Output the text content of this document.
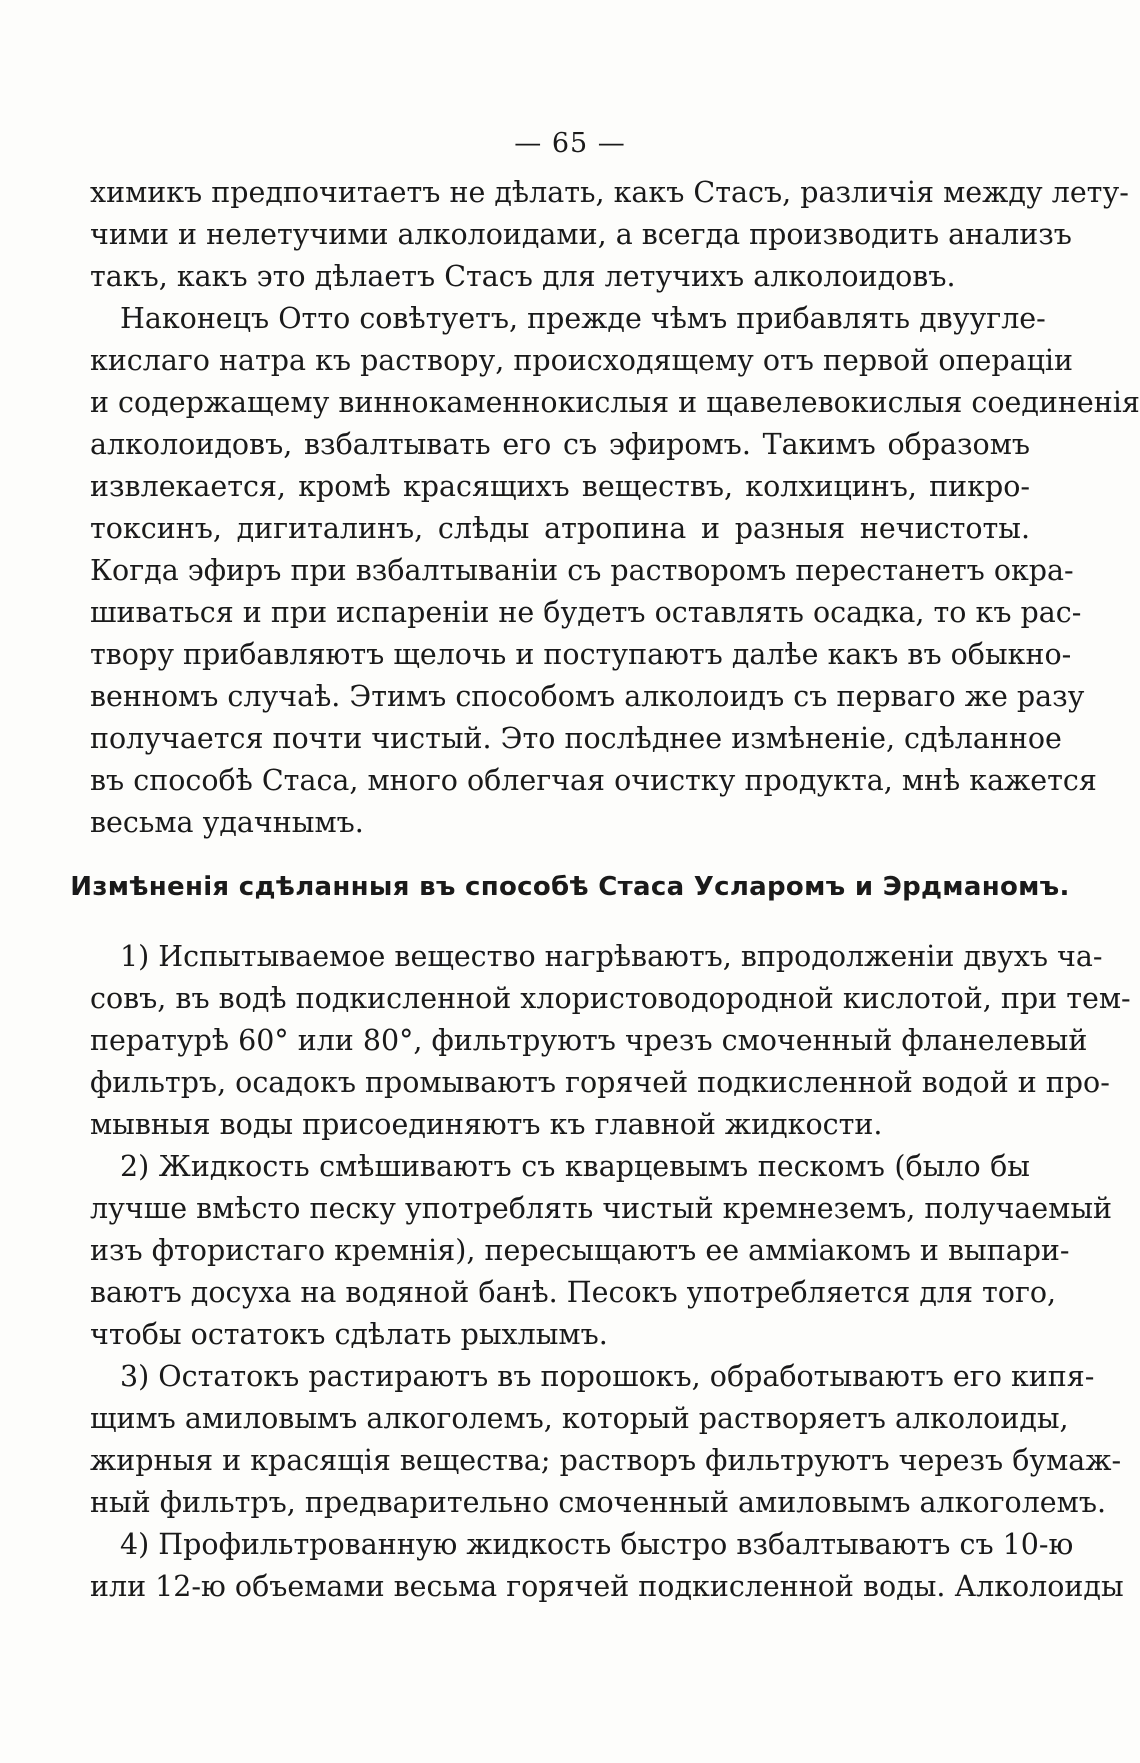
— 65 —
химикъ предпочитаетъ не дѣлать, какъ Стасъ, различія между лету-
чими и нелетучими алколоидами, а всегда производить анализъ
такъ, какъ это дѣлаетъ Стасъ для летучихъ алколоидовъ.
Наконецъ Отто совѣтуетъ, прежде чѣмъ прибавлять двуугле-
кислаго натра къ раствору, происходящему отъ первой операціи
и содержащему виннокаменнокислыя и щавелевокислыя соединенія
алколоидовъ, взбалтывать его съ эфиромъ. Такимъ образомъ
извлекается, кромѣ красящихъ веществъ, колхицинъ, пикро-
токсинъ, дигиталинъ, слѣды атропина и разныя нечистоты.
Когда эфиръ при взбалтываніи съ растворомъ перестанетъ окра-
шиваться и при испареніи не будетъ оставлять осадка, то къ рас-
твору прибавляютъ щелочь и поступаютъ далѣе какъ въ обыкно-
венномъ случаѣ. Этимъ способомъ алколоидъ съ перваго же разу
получается почти чистый. Это послѣднее измѣненіе, сдѣланное
въ способѣ Стаса, много облегчая очистку продукта, мнѣ кажется
весьма удачнымъ.
Измѣненія сдѣланныя въ способѣ Стаса Усларомъ и Эрдманомъ.
1) Испытываемое вещество нагрѣваютъ, впродолженіи двухъ ча-
совъ, въ водѣ подкисленной хлористоводородной кислотой, при тем-
пературѣ 60° или 80°, фильтруютъ чрезъ смоченный фланелевый
фильтръ, осадокъ промываютъ горячей подкисленной водой и про-
мывныя воды присоединяютъ къ главной жидкости.
2) Жидкость смѣшиваютъ съ кварцевымъ пескомъ (было бы
лучше вмѣсто песку употреблять чистый кремнеземъ, получаемый
изъ фтористаго кремнія), пересыщаютъ ее амміакомъ и выпари-
ваютъ досуха на водяной банѣ. Песокъ употребляется для того,
чтобы остатокъ сдѣлать рыхлымъ.
3) Остатокъ растираютъ въ порошокъ, обработываютъ его кипя-
щимъ амиловымъ алкоголемъ, который растворяетъ алколоиды,
жирныя и красящія вещества; растворъ фильтруютъ черезъ бумаж-
ный фильтръ, предварительно смоченный амиловымъ алкоголемъ.
4) Профильтрованную жидкость быстро взбалтываютъ съ 10-ю
или 12-ю объемами весьма горячей подкисленной воды. Алколоиды
